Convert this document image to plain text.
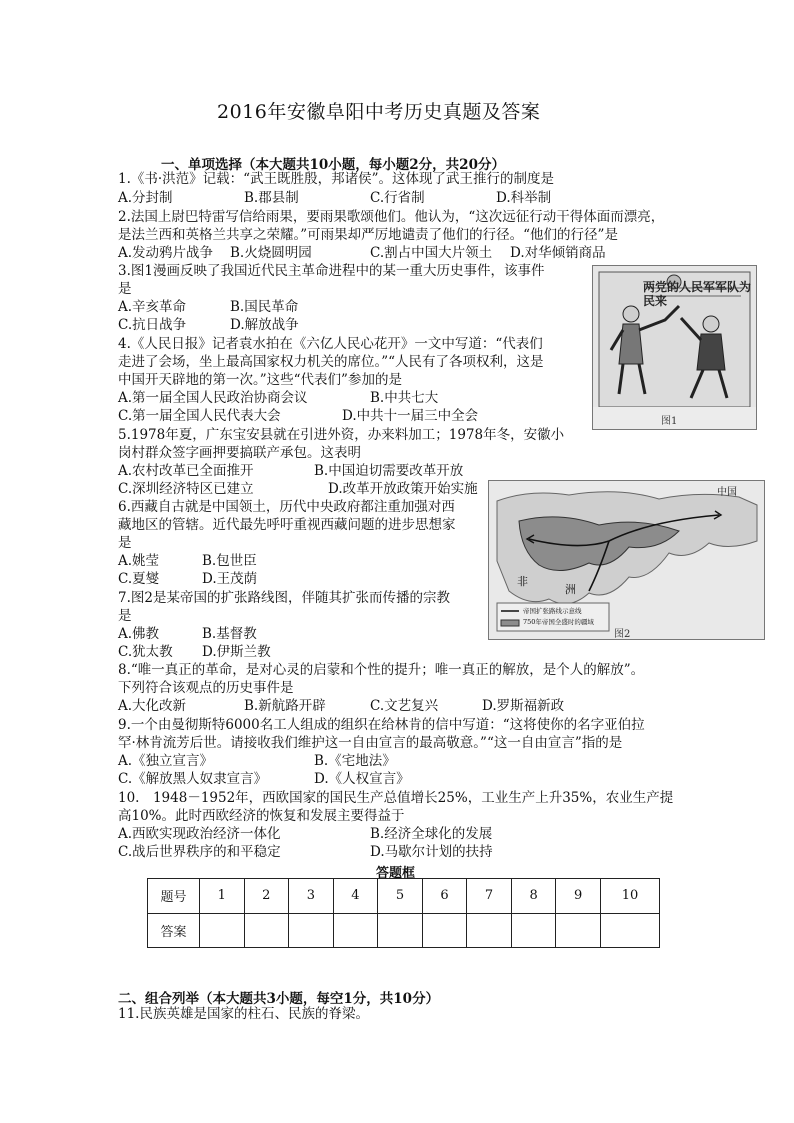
2016年安徽阜阳中考历史真题及答案
一、单项选择（本大题共10小题，每小题2分，共20分）
1.《书·洪范》记载：“武王既胜殷，邦诸侯”。这体现了武王推行的制度是
A.分封制	B.郡县制	C.行省制	D.科举制
2.法国上尉巴特雷写信给雨果，要雨果歌颂他们。他认为，“这次远征行动干得体面而漂亮，
是法兰西和英格兰共享之荣耀。”可雨果却严厉地谴责了他们的行径。“他们的行径”是
A.发动鸦片战争 B.火烧圆明园	C.割占中国大片领土 D.对华倾销商品
3.图1漫画反映了我国近代民主革命进程中的某一重大历史事件，该事件
是
A.辛亥革命	B.国民革命
C.抗日战争	D.解放战争
4.《人民日报》记者袁水拍在《六亿人民心花开》一文中写道：“代表们
走进了会场，坐上最高国家权力机关的席位。”“人民有了各项权利，这是
中国开天辟地的第一次。”这些“代表们”参加的是
A.第一届全国人民政治协商会议	B.中共七大
C.第一届全国人民代表大会	D.中共十一届三中全会
5.1978年夏，广东宝安县就在引进外资，办来料加工；1978年冬，安徽小
岗村群众签字画押要搞联产承包。这表明
A.农村改革已全面推开	B.中国迫切需要改革开放
C.深圳经济特区已建立	D.改革开放政策开始实施
6.西藏自古就是中国领土，历代中央政府都注重加强对西
藏地区的管辖。近代最先呼吁重视西藏问题的进步思想家
是
A.姚莹	B.包世臣
C.夏燮	D.王茂荫
7.图2是某帝国的扩张路线图，伴随其扩张而传播的宗教
是
A.佛教	B.基督教
C.犹太教 D.伊斯兰教
8.“唯一真正的革命，是对心灵的启蒙和个性的提升；唯一真正的解放，是个人的解放”。
下列符合该观点的历史事件是
A.大化改新	B.新航路开辟	C.文艺复兴	D.罗斯福新政
9.一个由曼彻斯特6000名工人组成的组织在给林肯的信中写道：“这将使你的名字亚伯拉
罕·林肯流芳后世。请接收我们维护这一自由宣言的最高敬意。”“这一自由宣言”指的是
A.《独立宣言》	B.《宅地法》
C.《解放黑人奴隶宣言》	D.《人权宣言》
10.　1948－1952年，西欧国家的国民生产总值增长25%，工业生产上升35%，农业生产提
高10%。此时西欧经济的恢复和发展主要得益于
A.西欧实现政治经济一体化	B.经济全球化的发展
C.战后世界秩序的和平稳定	D.马歇尔计划的扶持
两党的人民军军队为民来
图1
中国
非
洲
帝国扩张路线示意线
750年帝国全盛时的疆域
图2
答题框
题号	1	2	3	4	5	6	7	8	9	10
答案										
二、组合列举（本大题共3小题，每空1分，共10分）
11.民族英雄是国家的柱石、民族的脊梁。
